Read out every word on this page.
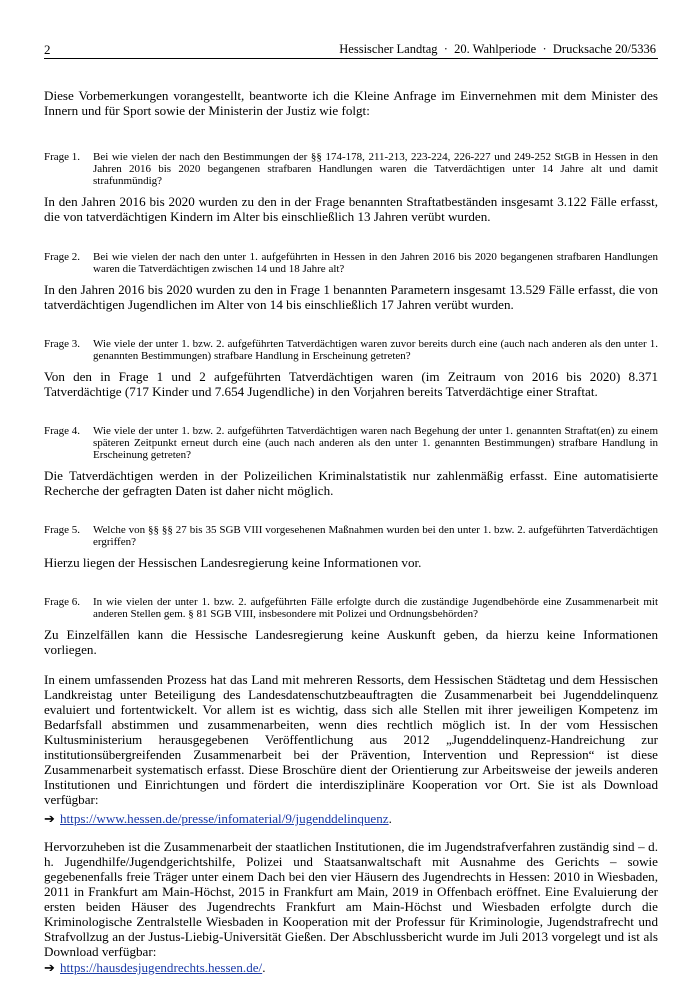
2	Hessischer Landtag  ·  20. Wahlperiode  ·  Drucksache 20/5336

Diese Vorbemerkungen vorangestellt, beantworte ich die Kleine Anfrage im Einvernehmen mit dem Minister des Innern und für Sport sowie der Ministerin der Justiz wie folgt:

Frage 1. Bei wie vielen der nach den Bestimmungen der §§ 174-178, 211-213, 223-224, 226-227 und 249-252 StGB in Hessen in den Jahren 2016 bis 2020 begangenen strafbaren Handlungen waren die Tatverdächtigen unter 14 Jahre alt und damit strafunmündig?

In den Jahren 2016 bis 2020 wurden zu den in der Frage benannten Straftatbeständen insgesamt 3.122 Fälle erfasst, die von tatverdächtigen Kindern im Alter bis einschließlich 13 Jahren verübt wurden.

Frage 2. Bei wie vielen der nach den unter 1. aufgeführten in Hessen in den Jahren 2016 bis 2020 begangenen strafbaren Handlungen waren die Tatverdächtigen zwischen 14 und 18 Jahre alt?

In den Jahren 2016 bis 2020 wurden zu den in Frage 1 benannten Parametern insgesamt 13.529 Fälle erfasst, die von tatverdächtigen Jugendlichen im Alter von 14 bis einschließlich 17 Jahren verübt wurden.

Frage 3. Wie viele der unter 1. bzw. 2. aufgeführten Tatverdächtigen waren zuvor bereits durch eine (auch nach anderen als den unter 1. genannten Bestimmungen) strafbare Handlung in Erscheinung getreten?

Von den in Frage 1 und 2 aufgeführten Tatverdächtigen waren (im Zeitraum von 2016 bis 2020) 8.371 Tatverdächtige (717 Kinder und 7.654 Jugendliche) in den Vorjahren bereits Tatverdächtige einer Straftat.

Frage 4. Wie viele der unter 1. bzw. 2. aufgeführten Tatverdächtigen waren nach Begehung der unter 1. genannten Straftat(en) zu einem späteren Zeitpunkt erneut durch eine (auch nach anderen als den unter 1. genannten Bestimmungen) strafbare Handlung in Erscheinung getreten?

Die Tatverdächtigen werden in der Polizeilichen Kriminalstatistik nur zahlenmäßig erfasst. Eine automatisierte Recherche der gefragten Daten ist daher nicht möglich.

Frage 5. Welche von §§ §§ 27 bis 35 SGB VIII vorgesehenen Maßnahmen wurden bei den unter 1. bzw. 2. aufgeführten Tatverdächtigen ergriffen?

Hierzu liegen der Hessischen Landesregierung keine Informationen vor.

Frage 6. In wie vielen der unter 1. bzw. 2. aufgeführten Fälle erfolgte durch die zuständige Jugendbehörde eine Zusammenarbeit mit anderen Stellen gem. § 81 SGB VIII, insbesondere mit Polizei und Ordnungsbehörden?

Zu Einzelfällen kann die Hessische Landesregierung keine Auskunft geben, da hierzu keine Informationen vorliegen.

In einem umfassenden Prozess hat das Land mit mehreren Ressorts, dem Hessischen Städtetag und dem Hessischen Landkreistag unter Beteiligung des Landesdatenschutzbeauftragten die Zusammenarbeit bei Jugenddelinquenz evaluiert und fortentwickelt. Vor allem ist es wichtig, dass sich alle Stellen mit ihrer jeweiligen Kompetenz im Bedarfsfall abstimmen und zusammenarbeiten, wenn dies rechtlich möglich ist. In der vom Hessischen Kultusministerium herausgegebenen Veröffentlichung aus 2012 „Jugenddelinquenz-Handreichung zur institutionsübergreifenden Zusammenarbeit bei der Prävention, Intervention und Repression“ ist diese Zusammenarbeit systematisch erfasst. Diese Broschüre dient der Orientierung zur Arbeitsweise der jeweils anderen Institutionen und Einrichtungen und fördert die interdisziplinäre Kooperation vor Ort. Sie ist als Download verfügbar:

➔ https://www.hessen.de/presse/infomaterial/9/jugenddelinquenz.

Hervorzuheben ist die Zusammenarbeit der staatlichen Institutionen, die im Jugendstrafverfahren zuständig sind – d. h. Jugendhilfe/Jugendgerichtshilfe, Polizei und Staatsanwaltschaft mit Ausnahme des Gerichts – sowie gegebenenfalls freie Träger unter einem Dach bei den vier Häusern des Jugendrechts in Hessen: 2010 in Wiesbaden, 2011 in Frankfurt am Main-Höchst, 2015 in Frankfurt am Main, 2019 in Offenbach eröffnet. Eine Evaluierung der ersten beiden Häuser des Jugendrechts Frankfurt am Main-Höchst und Wiesbaden erfolgte durch die Kriminologische Zentralstelle Wiesbaden in Kooperation mit der Professur für Kriminologie, Jugendstrafrecht und Strafvollzug an der Justus-Liebig-Universität Gießen. Der Abschlussbericht wurde im Juli 2013 vorgelegt und ist als Download verfügbar:

➔ https://hausdesjugendrechts.hessen.de/.
